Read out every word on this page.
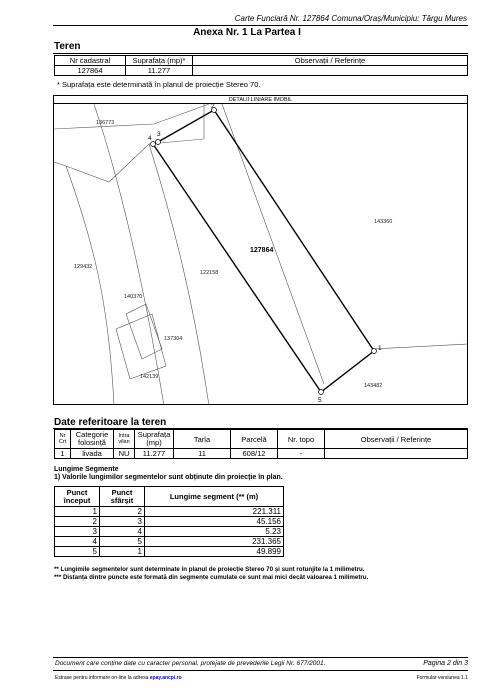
Carte Funciară Nr. 127864 Comuna/Oraș/Municipiu: Târgu Mures
Anexa Nr. 1 La Partea I
Teren
Nr cadastral	Suprafața (mp)*	Observații / Referințe
127864	11.277	
* Suprafața este determinată în planul de proiecție Stereo 70.
DETALII LINIARE IMOBIL
1
2
3
4
5
127864
136773
143360
129432
122158
140370
137304
142139
143482
Date referitoare la teren
Nr Crt	Categorie folosință	Intra vilan	Suprafața (mp)	Tarla	Parcelă	Nr. topo	Observații / Referințe
1	livada	NU	11.277	11	608/12	-	
Lungime Segmente
1) Valorile lungimilor segmentelor sunt obținute din proiecție în plan.
Punct început	Punct sfârșit	Lungime segment (** (m)
1	2	221.311
2	3	45.156
3	4	5.23
4	5	231.365
5	1	49.899
** Lungimile segmentelor sunt determinate în planul de proiecție Stereo 70 și sunt rotunjite la 1 milimetru.
*** Distanța dintre puncte este formată din segmente cumulate ce sunt mai mici decât valoarea 1 milimetru.
Document care conține date cu caracter personal, protejate de prevederile Legii Nr. 677/2001.	Pagina 2 din 3
Estrase pentru informare on-line la adresa epay.ancpi.ro	Formular versiunea 1.1
